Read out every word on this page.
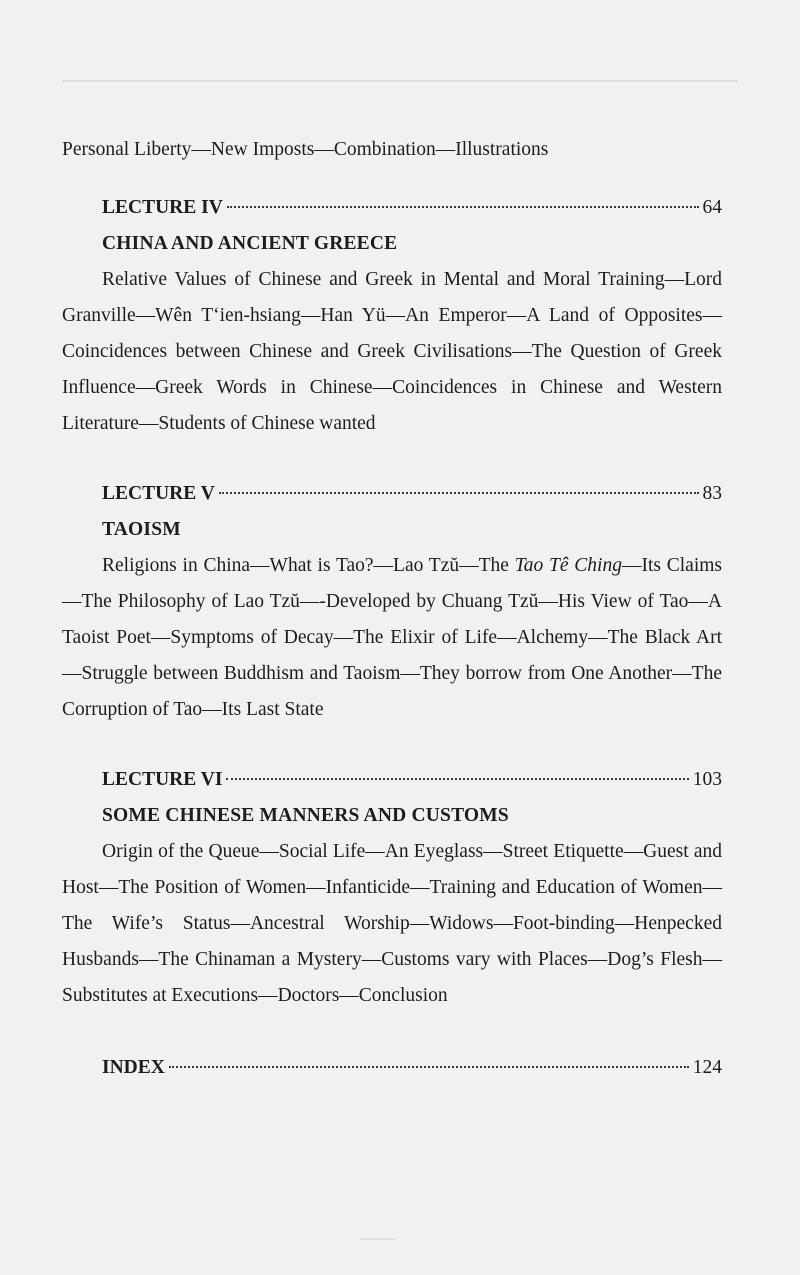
Personal Liberty—New Imposts—Combination—Illustrations

LECTURE IV	64

CHINA AND ANCIENT GREECE

Relative Values of Chinese and Greek in Mental and Moral Training—Lord Granville—Wên T‘ien-hsiang—Han Yü—An Emperor—A Land of Opposites—Coincidences between Chinese and Greek Civilisations—The Question of Greek Influence—Greek Words in Chinese—Coincidences in Chinese and Western Literature—Students of Chinese wanted

LECTURE V	83

TAOISM

Religions in China—What is Tao?—Lao Tzŭ—The Tao Tê Ching—Its Claims—The Philosophy of Lao Tzŭ—-Developed by Chuang Tzŭ—His View of Tao—A Taoist Poet—Symptoms of Decay—The Elixir of Life—Alchemy—The Black Art—Struggle between Buddhism and Taoism—They borrow from One Another—The Corruption of Tao—Its Last State

LECTURE VI	103

SOME CHINESE MANNERS AND CUSTOMS

Origin of the Queue—Social Life—An Eyeglass—Street Etiquette—Guest and Host—The Position of Women—Infanticide—Training and Education of Women—The Wife’s Status—Ancestral Worship—Widows—Foot-binding—Henpecked Husbands—The Chinaman a Mystery—Customs vary with Places—Dog’s Flesh—Substitutes at Executions—Doctors—Conclusion

INDEX	124
